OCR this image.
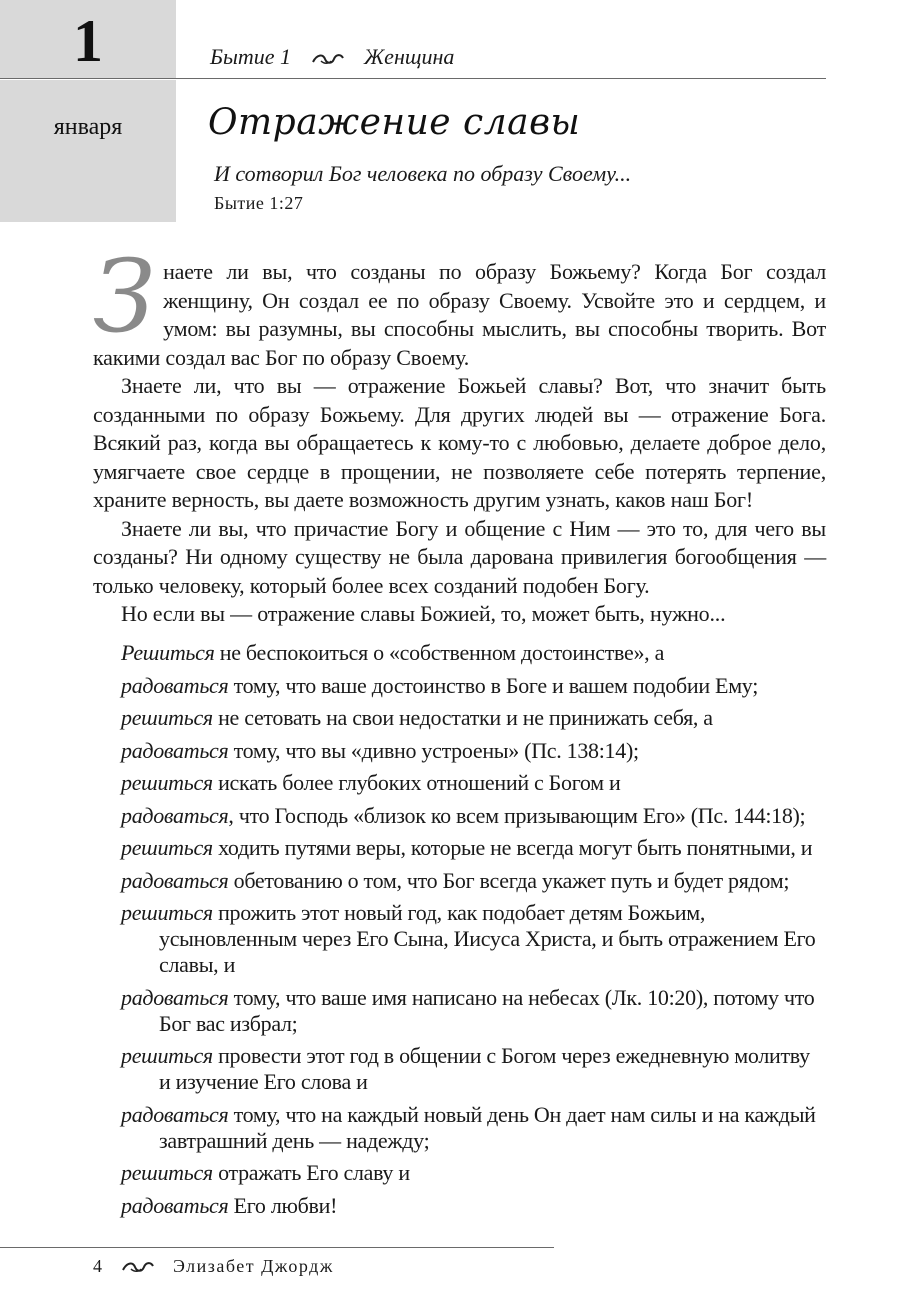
1
января
Бытие 1	Женщина
Отражение славы
И сотворил Бог человека по образу Своему...
Бытие 1:27

Знаете ли вы, что созданы по образу Божьему? Когда Бог создал женщину, Он создал ее по образу Своему. Усвойте это и сердцем, и умом: вы разумны, вы способны мыслить, вы способны творить. Вот какими создал вас Бог по образу Своему.

Знаете ли, что вы — отражение Божьей славы? Вот, что значит быть созданными по образу Божьему. Для других людей вы — отражение Бога. Всякий раз, когда вы обращаетесь к кому-то с любовью, делаете доброе дело, умягчаете свое сердце в прощении, не позволяете себе потерять терпение, храните верность, вы даете возможность другим узнать, каков наш Бог!

Знаете ли вы, что причастие Богу и общение с Ним — это то, для чего вы созданы? Ни одному существу не была дарована привилегия богообщения — только человеку, который более всех созданий подобен Богу.

Но если вы — отражение славы Божией, то, может быть, нужно...

Решиться не беспокоиться о «собственном достоинстве», а
радоваться тому, что ваше достоинство в Боге и вашем подобии Ему;
решиться не сетовать на свои недостатки и не принижать себя, а
радоваться тому, что вы «дивно устроены» (Пс. 138:14);
решиться искать более глубоких отношений с Богом и
радоваться, что Господь «близок ко всем призывающим Его» (Пс. 144:18);
решиться ходить путями веры, которые не всегда могут быть понятными, и
радоваться обетованию о том, что Бог всегда укажет путь и будет рядом;
решиться прожить этот новый год, как подобает детям Божьим, усыновленным через Его Сына, Иисуса Христа, и быть отражением Его славы, и
радоваться тому, что ваше имя написано на небесах (Лк. 10:20), потому что Бог вас избрал;
решиться провести этот год в общении с Богом через ежедневную молитву и изучение Его слова и
радоваться тому, что на каждый новый день Он дает нам силы и на каждый завтрашний день — надежду;
решиться отражать Его славу и
радоваться Его любви!
4	Элизабет Джордж
